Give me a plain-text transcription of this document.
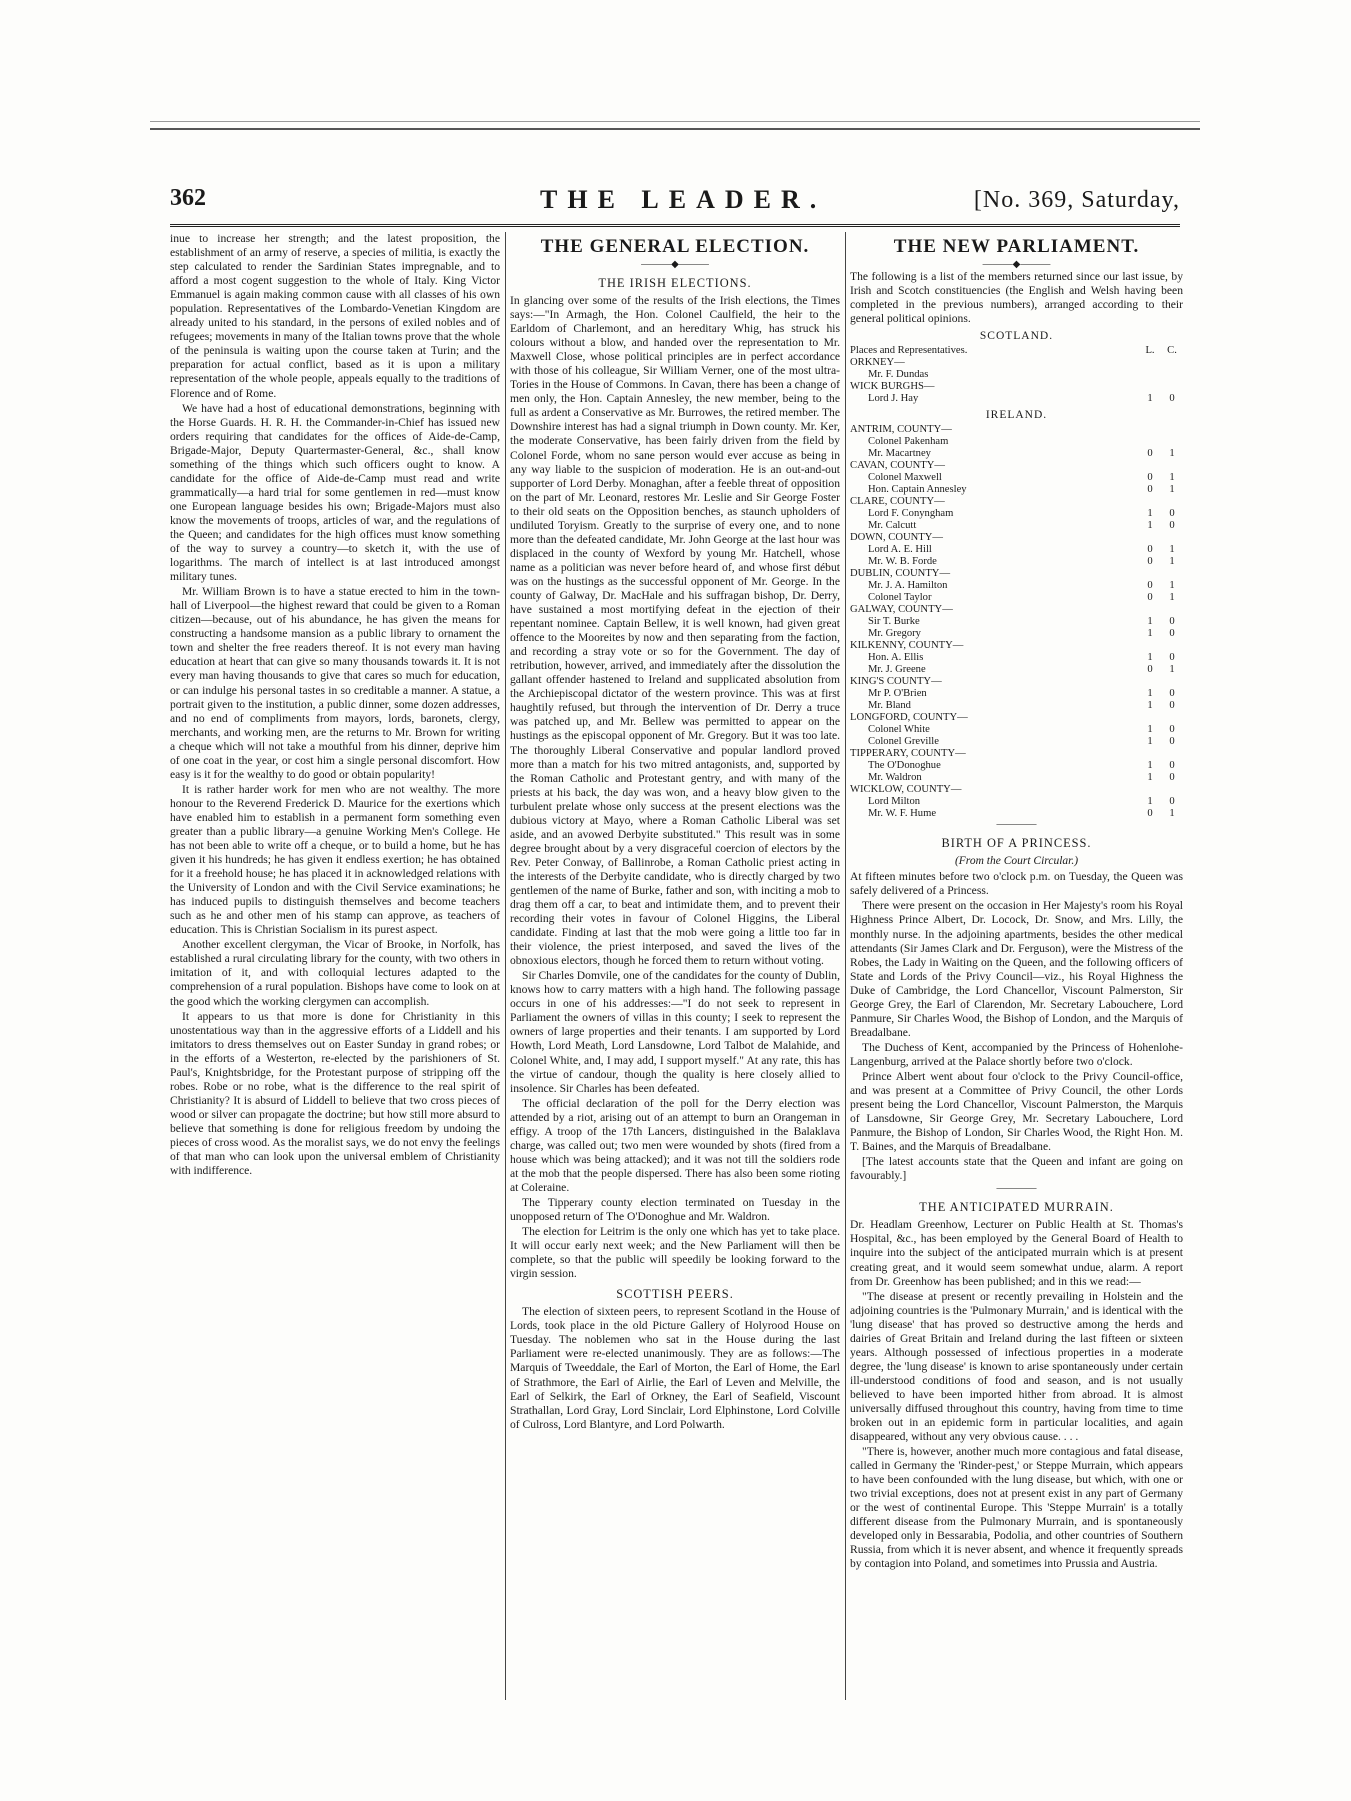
362	THE LEADER.	[No. 369, Saturday,

inue to increase her strength; and the latest proposition, the establishment of an army of reserve, a species of militia, is exactly the step calculated to render the Sardinian States impregnable, and to afford a most cogent suggestion to the whole of Italy. King Victor Emmanuel is again making common cause with all classes of his own population. Representatives of the Lombardo-Venetian Kingdom are already united to his standard, in the persons of exiled nobles and of refugees; movements in many of the Italian towns prove that the whole of the peninsula is waiting upon the course taken at Turin; and the preparation for actual conflict, based as it is upon a military representation of the whole people, appeals equally to the traditions of Florence and of Rome.

We have had a host of educational demonstrations, beginning with the Horse Guards. H. R. H. the Commander-in-Chief has issued new orders requiring that candidates for the offices of Aide-de-Camp, Brigade-Major, Deputy Quartermaster-General, &c., shall know something of the things which such officers ought to know. A candidate for the office of Aide-de-Camp must read and write grammatically—a hard trial for some gentlemen in red—must know one European language besides his own; Brigade-Majors must also know the movements of troops, articles of war, and the regulations of the Queen; and candidates for the high offices must know something of the way to survey a country—to sketch it, with the use of logarithms. The march of intellect is at last introduced amongst military tunes.

Mr. William Brown is to have a statue erected to him in the town-hall of Liverpool—the highest reward that could be given to a Roman citizen—because, out of his abundance, he has given the means for constructing a handsome mansion as a public library to ornament the town and shelter the free readers thereof. It is not every man having education at heart that can give so many thousands towards it. It is not every man having thousands to give that cares so much for education, or can indulge his personal tastes in so creditable a manner. A statue, a portrait given to the institution, a public dinner, some dozen addresses, and no end of compliments from mayors, lords, baronets, clergy, merchants, and working men, are the returns to Mr. Brown for writing a cheque which will not take a mouthful from his dinner, deprive him of one coat in the year, or cost him a single personal discomfort. How easy is it for the wealthy to do good or obtain popularity!

It is rather harder work for men who are not wealthy. The more honour to the Reverend Frederick D. Maurice for the exertions which have enabled him to establish in a permanent form something even greater than a public library—a genuine Working Men's College. He has not been able to write off a cheque, or to build a home, but he has given it his hundreds; he has given it endless exertion; he has obtained for it a freehold house; he has placed it in acknowledged relations with the University of London and with the Civil Service examinations; he has induced pupils to distinguish themselves and become teachers such as he and other men of his stamp can approve, as teachers of education. This is Christian Socialism in its purest aspect.

Another excellent clergyman, the Vicar of Brooke, in Norfolk, has established a rural circulating library for the county, with two others in imitation of it, and with colloquial lectures adapted to the comprehension of a rural population. Bishops have come to look on at the good which the working clergymen can accomplish.

It appears to us that more is done for Christianity in this unostentatious way than in the aggressive efforts of a Liddell and his imitators to dress themselves out on Easter Sunday in grand robes; or in the efforts of a Westerton, re-elected by the parishioners of St. Paul's, Knightsbridge, for the Protestant purpose of stripping off the robes. Robe or no robe, what is the difference to the real spirit of Christianity? It is absurd of Liddell to believe that two cross pieces of wood or silver can propagate the doctrine; but how still more absurd to believe that something is done for religious freedom by undoing the pieces of cross wood. As the moralist says, we do not envy the feelings of that man who can look upon the universal emblem of Christianity with indifference.

THE GENERAL ELECTION.
———◆———
THE IRISH ELECTIONS.

In glancing over some of the results of the Irish elections, the Times says:—"In Armagh, the Hon. Colonel Caulfield, the heir to the Earldom of Charlemont, and an hereditary Whig, has struck his colours without a blow, and handed over the representation to Mr. Maxwell Close, whose political principles are in perfect accordance with those of his colleague, Sir William Verner, one of the most ultra-Tories in the House of Commons. In Cavan, there has been a change of men only, the Hon. Captain Annesley, the new member, being to the full as ardent a Conservative as Mr. Burrowes, the retired member. The Downshire interest has had a signal triumph in Down county. Mr. Ker, the moderate Conservative, has been fairly driven from the field by Colonel Forde, whom no sane person would ever accuse as being in any way liable to the suspicion of moderation. He is an out-and-out supporter of Lord Derby. Monaghan, after a feeble threat of opposition on the part of Mr. Leonard, restores Mr. Leslie and Sir George Foster to their old seats on the Opposition benches, as staunch upholders of undiluted Toryism. Greatly to the surprise of every one, and to none more than the defeated candidate, Mr. John George at the last hour was displaced in the county of Wexford by young Mr. Hatchell, whose name as a politician was never before heard of, and whose first début was on the hustings as the successful opponent of Mr. George. In the county of Galway, Dr. MacHale and his suffragan bishop, Dr. Derry, have sustained a most mortifying defeat in the ejection of their repentant nominee. Captain Bellew, it is well known, had given great offence to the Mooreites by now and then separating from the faction, and recording a stray vote or so for the Government. The day of retribution, however, arrived, and immediately after the dissolution the gallant offender hastened to Ireland and supplicated absolution from the Archiepiscopal dictator of the western province. This was at first haughtily refused, but through the intervention of Dr. Derry a truce was patched up, and Mr. Bellew was permitted to appear on the hustings as the episcopal opponent of Mr. Gregory. But it was too late. The thoroughly Liberal Conservative and popular landlord proved more than a match for his two mitred antagonists, and, supported by the Roman Catholic and Protestant gentry, and with many of the priests at his back, the day was won, and a heavy blow given to the turbulent prelate whose only success at the present elections was the dubious victory at Mayo, where a Roman Catholic Liberal was set aside, and an avowed Derbyite substituted." This result was in some degree brought about by a very disgraceful coercion of electors by the Rev. Peter Conway, of Ballinrobe, a Roman Catholic priest acting in the interests of the Derbyite candidate, who is directly charged by two gentlemen of the name of Burke, father and son, with inciting a mob to drag them off a car, to beat and intimidate them, and to prevent their recording their votes in favour of Colonel Higgins, the Liberal candidate. Finding at last that the mob were going a little too far in their violence, the priest interposed, and saved the lives of the obnoxious electors, though he forced them to return without voting.

Sir Charles Domvile, one of the candidates for the county of Dublin, knows how to carry matters with a high hand. The following passage occurs in one of his addresses:—"I do not seek to represent in Parliament the owners of villas in this county; I seek to represent the owners of large properties and their tenants. I am supported by Lord Howth, Lord Meath, Lord Lansdowne, Lord Talbot de Malahide, and Colonel White, and, I may add, I support myself." At any rate, this has the virtue of candour, though the quality is here closely allied to insolence. Sir Charles has been defeated.

The official declaration of the poll for the Derry election was attended by a riot, arising out of an attempt to burn an Orangeman in effigy. A troop of the 17th Lancers, distinguished in the Balaklava charge, was called out; two men were wounded by shots (fired from a house which was being attacked); and it was not till the soldiers rode at the mob that the people dispersed. There has also been some rioting at Coleraine.

The Tipperary county election terminated on Tuesday in the unopposed return of The O'Donoghue and Mr. Waldron.

The election for Leitrim is the only one which has yet to take place. It will occur early next week; and the New Parliament will then be complete, so that the public will speedily be looking forward to the virgin session.

SCOTTISH PEERS.

The election of sixteen peers, to represent Scotland in the House of Lords, took place in the old Picture Gallery of Holyrood House on Tuesday. The noblemen who sat in the House during the last Parliament were re-elected unanimously. They are as follows:—The Marquis of Tweeddale, the Earl of Morton, the Earl of Home, the Earl of Strathmore, the Earl of Airlie, the Earl of Leven and Melville, the Earl of Selkirk, the Earl of Orkney, the Earl of Seafield, Viscount Strathallan, Lord Gray, Lord Sinclair, Lord Elphinstone, Lord Colville of Culross, Lord Blantyre, and Lord Polwarth.

THE NEW PARLIAMENT.
———◆———

The following is a list of the members returned since our last issue, by Irish and Scotch constituencies (the English and Welsh having been completed in the previous numbers), arranged according to their general political opinions.

SCOTLAND.
Places and Representatives.	L.	C.
ORKNEY—		
Mr. F. Dundas		
WICK BURGHS—		
Lord J. Hay	1	0
IRELAND.
ANTRIM, COUNTY—		
Colonel Pakenham		
Mr. Macartney	0	1
CAVAN, COUNTY—		
Colonel Maxwell	0	1
Hon. Captain Annesley	0	1
CLARE, COUNTY—		
Lord F. Conyngham	1	0
Mr. Calcutt	1	0
DOWN, COUNTY—		
Lord A. E. Hill	0	1
Mr. W. B. Forde	0	1
DUBLIN, COUNTY—		
Mr. J. A. Hamilton	0	1
Colonel Taylor	0	1
GALWAY, COUNTY—		
Sir T. Burke	1	0
Mr. Gregory	1	0
KILKENNY, COUNTY—		
Hon. A. Ellis	1	0
Mr. J. Greene	0	1
KING'S COUNTY—		
Mr P. O'Brien	1	0
Mr. Bland	1	0
LONGFORD, COUNTY—		
Colonel White	1	0
Colonel Greville	1	0
TIPPERARY, COUNTY—		
The O'Donoghue	1	0
Mr. Waldron	1	0
WICKLOW, COUNTY—		
Lord Milton	1	0
Mr. W. F. Hume	0	1
————
BIRTH OF A PRINCESS.
(From the Court Circular.)

At fifteen minutes before two o'clock p.m. on Tuesday, the Queen was safely delivered of a Princess.

There were present on the occasion in Her Majesty's room his Royal Highness Prince Albert, Dr. Locock, Dr. Snow, and Mrs. Lilly, the monthly nurse. In the adjoining apartments, besides the other medical attendants (Sir James Clark and Dr. Ferguson), were the Mistress of the Robes, the Lady in Waiting on the Queen, and the following officers of State and Lords of the Privy Council—viz., his Royal Highness the Duke of Cambridge, the Lord Chancellor, Viscount Palmerston, Sir George Grey, the Earl of Clarendon, Mr. Secretary Labouchere, Lord Panmure, Sir Charles Wood, the Bishop of London, and the Marquis of Breadalbane.

The Duchess of Kent, accompanied by the Princess of Hohenlohe-Langenburg, arrived at the Palace shortly before two o'clock.

Prince Albert went about four o'clock to the Privy Council-office, and was present at a Committee of Privy Council, the other Lords present being the Lord Chancellor, Viscount Palmerston, the Marquis of Lansdowne, Sir George Grey, Mr. Secretary Labouchere, Lord Panmure, the Bishop of London, Sir Charles Wood, the Right Hon. M. T. Baines, and the Marquis of Breadalbane.

[The latest accounts state that the Queen and infant are going on favourably.]

————
THE ANTICIPATED MURRAIN.

Dr. Headlam Greenhow, Lecturer on Public Health at St. Thomas's Hospital, &c., has been employed by the General Board of Health to inquire into the subject of the anticipated murrain which is at present creating great, and it would seem somewhat undue, alarm. A report from Dr. Greenhow has been published; and in this we read:—

"The disease at present or recently prevailing in Holstein and the adjoining countries is the 'Pulmonary Murrain,' and is identical with the 'lung disease' that has proved so destructive among the herds and dairies of Great Britain and Ireland during the last fifteen or sixteen years. Although possessed of infectious properties in a moderate degree, the 'lung disease' is known to arise spontaneously under certain ill-understood conditions of food and season, and is not usually believed to have been imported hither from abroad. It is almost universally diffused throughout this country, having from time to time broken out in an epidemic form in particular localities, and again disappeared, without any very obvious cause. . . .

"There is, however, another much more contagious and fatal disease, called in Germany the 'Rinder-pest,' or Steppe Murrain, which appears to have been confounded with the lung disease, but which, with one or two trivial exceptions, does not at present exist in any part of Germany or the west of continental Europe. This 'Steppe Murrain' is a totally different disease from the Pulmonary Murrain, and is spontaneously developed only in Bessarabia, Podolia, and other countries of Southern Russia, from which it is never absent, and whence it frequently spreads by contagion into Poland, and sometimes into Prussia and Austria.
